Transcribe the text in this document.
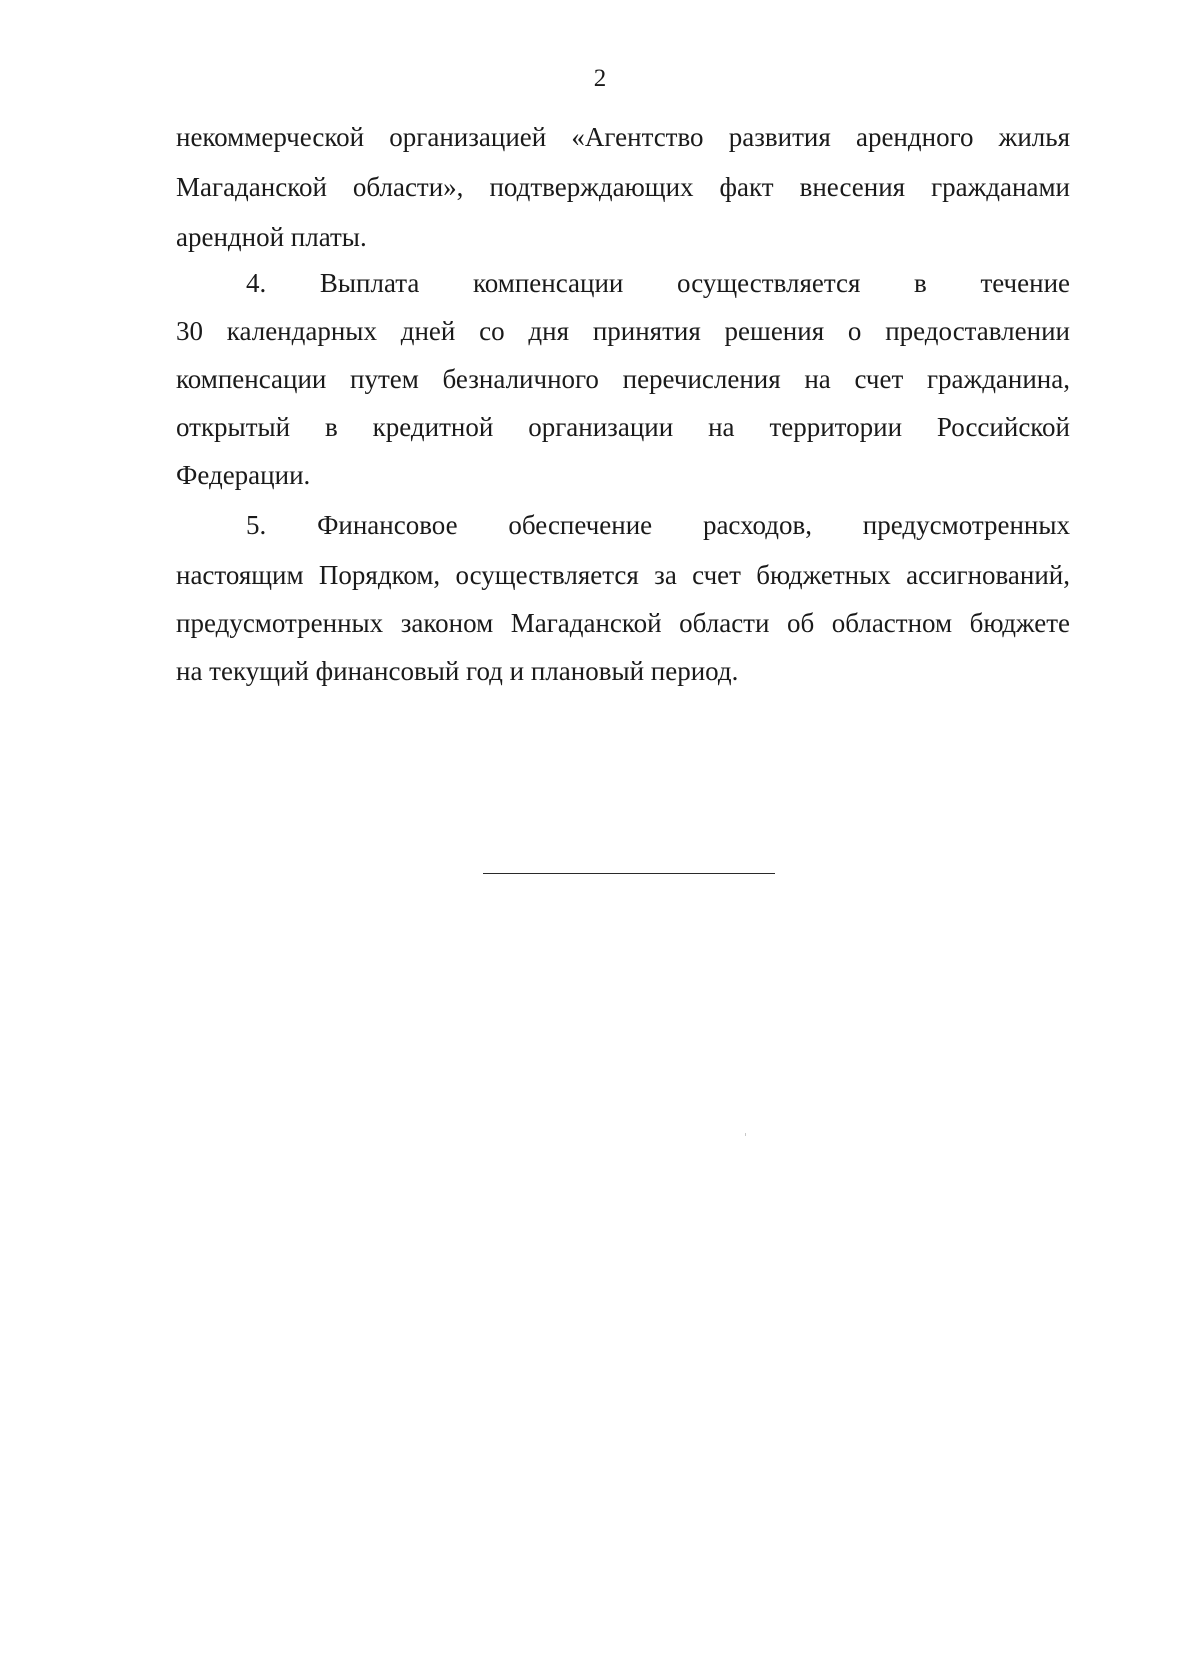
2
некоммерческой организацией «Агентство развития арендного жилья
Магаданской области», подтверждающих факт внесения гражданами
арендной платы.
4. Выплата компенсации осуществляется в течение
30 календарных дней со дня принятия решения о предоставлении
компенсации путем безналичного перечисления на счет гражданина,
открытый в кредитной организации на территории Российской
Федерации.
5. Финансовое обеспечение расходов, предусмотренных
настоящим Порядком, осуществляется за счет бюджетных ассигнований,
предусмотренных законом Магаданской области об областном бюджете
на текущий финансовый год и плановый период.
